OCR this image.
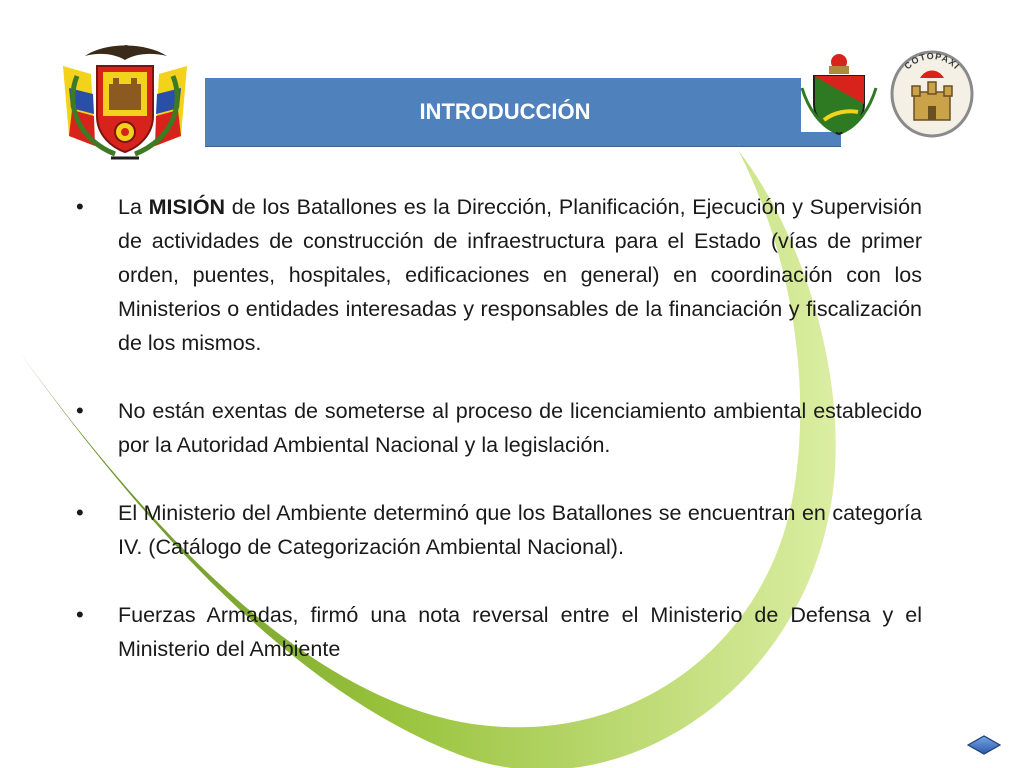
INTRODUCCIÓN
COTOPAXI

• La MISIÓN de los Batallones es la Dirección, Planificación, Ejecución y Supervisión de actividades de construcción de infraestructura para el Estado (vías de primer orden, puentes, hospitales, edificaciones en general) en coordinación con los Ministerios o entidades interesadas y responsables de la financiación y fiscalización de los mismos.

• No están exentas de someterse al proceso de licenciamiento ambiental establecido por la Autoridad Ambiental Nacional y la legislación.

• El Ministerio del Ambiente determinó que los Batallones se encuentran en categoría IV. (Catálogo de Categorización Ambiental Nacional).

• Fuerzas Armadas, firmó una nota reversal entre el Ministerio de Defensa y el Ministerio del Ambiente
